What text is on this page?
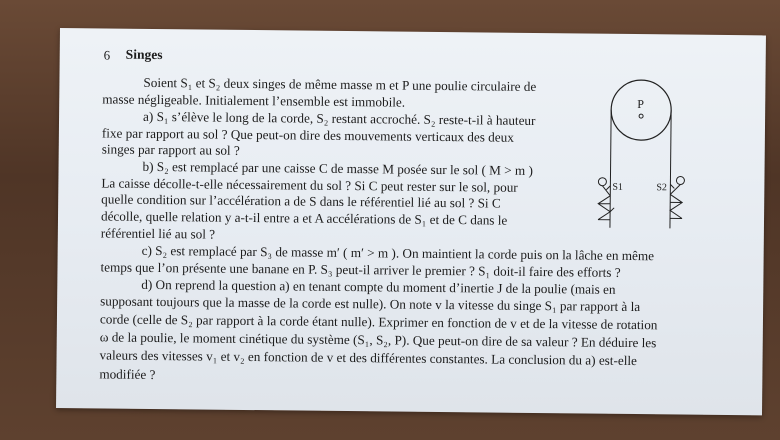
6 Singes
Soient S₁ et S₂ deux singes de même masse m et P une poulie circulaire de
masse négligeable. Initialement l’ensemble est immobile.
a) S₁ s’élève le long de la corde, S₂ restant accroché. S₂ reste-t-il à hauteur
fixe par rapport au sol ? Que peut-on dire des mouvements verticaux des deux
singes par rapport au sol ?
b) S₂ est remplacé par une caisse C de masse M posée sur le sol ( M > m )
La caisse décolle-t-elle nécessairement du sol ? Si C peut rester sur le sol, pour
quelle condition sur l’accélération a de S dans le référentiel lié au sol ? Si C
décolle, quelle relation y a-t-il entre a et A accélérations de S₁ et de C dans le
référentiel lié au sol ?
c) S₂ est remplacé par S₃ de masse m′ ( m′ > m ). On maintient la corde puis on la lâche en même
temps que l’on présente une banane en P. S₃ peut-il arriver le premier ? S₁ doit-il faire des efforts ?
d) On reprend la question a) en tenant compte du moment d’inertie J de la poulie (mais en
supposant toujours que la masse de la corde est nulle). On note v la vitesse du singe S₁ par rapport à la
corde (celle de S₂ par rapport à la corde étant nulle). Exprimer en fonction de v et de la vitesse de rotation
ω de la poulie, le moment cinétique du système (S₁, S₂, P). Que peut-on dire de sa valeur ? En déduire les
valeurs des vitesses v₁ et v₂ en fonction de v et des différentes constantes. La conclusion du a) est-elle
modifiée ?
P
S1	S2
